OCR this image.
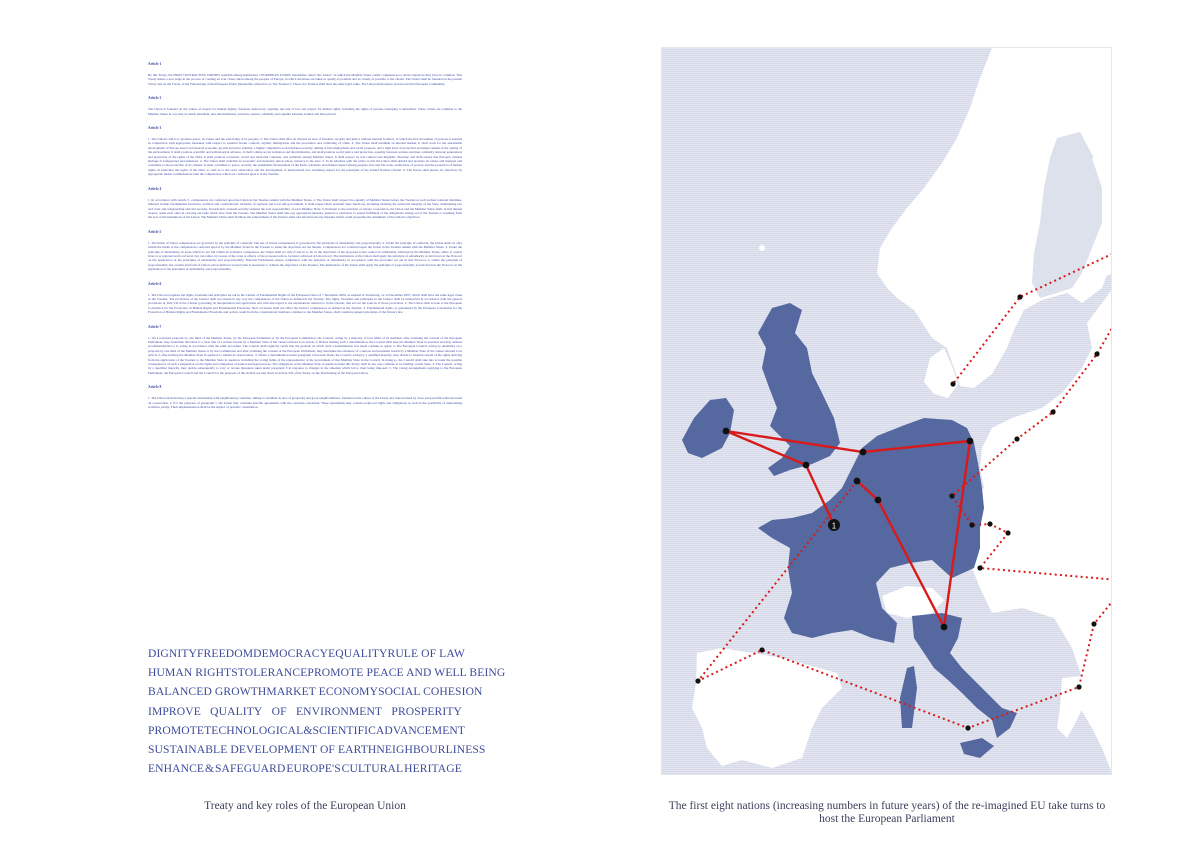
Article 1

By this Treaty, the HIGH CONTRACTING PARTIES establish among themselves a EUROPEAN UNION, hereinafter called "the Union" on which the Member States confer competences to attain objectives they have in common. This Treaty marks a new stage in the process of creating an ever closer union among the peoples of Europe, in which decisions are taken as openly as possible and as closely as possible to the citizen. The Union shall be founded on the present Treaty and on the Treaty on the Functioning of the European Union (hereinafter referred to as "the Treaties"). Those two Treaties shall have the same legal value. The Union shall replace and succeed the European Community.

Article 2

The Union is founded on the values of respect for human dignity, freedom, democracy, equality, the rule of law and respect for human rights, including the rights of persons belonging to minorities. These values are common to the Member States in a society in which pluralism, non-discrimination, tolerance, justice, solidarity and equality between women and men prevail.

Article 3

1. The Union's aim is to promote peace, its values and the well-being of its peoples. 2. The Union shall offer its citizens an area of freedom, security and justice without internal frontiers, in which the free movement of persons is ensured in conjunction with appropriate measures with respect to external border controls, asylum, immigration and the prevention and combating of crime. 3. The Union shall establish an internal market. It shall work for the sustainable development of Europe based on balanced economic growth and price stability, a highly competitive social market economy, aiming at full employment and social progress, and a high level of protection and improvement of the quality of the environment. It shall promote scientific and technological advance. It shall combat social exclusion and discrimination, and shall promote social justice and protection, equality between women and men, solidarity between generations and protection of the rights of the child. It shall promote economic, social and territorial cohesion, and solidarity among Member States. It shall respect its rich cultural and linguistic diversity, and shall ensure that Europe's cultural heritage is safeguarded and enhanced. 4. The Union shall establish an economic and monetary union whose currency is the euro. 5. In its relations with the wider world, the Union shall uphold and promote its values and interests and contribute to the protection of its citizens. It shall contribute to peace, security, the sustainable development of the Earth, solidarity and mutual respect among peoples, free and fair trade, eradication of poverty and the protection of human rights, in particular the rights of the child, as well as to the strict observance and the development of international law, including respect for the principles of the United Nations Charter. 6. The Union shall pursue its objectives by appropriate means commensurate with the competences which are conferred upon it in the Treaties.

Article 4

1. In accordance with Article 5, competences not conferred upon the Union in the Treaties remain with the Member States. 2. The Union shall respect the equality of Member States before the Treaties as well as their national identities, inherent in their fundamental structures, political and constitutional, inclusive of regional and local self-government. It shall respect their essential State functions, including ensuring the territorial integrity of the State, maintaining law and order and safeguarding national security. In particular, national security remains the sole responsibility of each Member State. 3. Pursuant to the principle of sincere cooperation, the Union and the Member States shall, in full mutual respect, assist each other in carrying out tasks which flow from the Treaties. The Member States shall take any appropriate measure, general or particular, to ensure fulfilment of the obligations arising out of the Treaties or resulting from the acts of the institutions of the Union. The Member States shall facilitate the achievement of the Union's tasks and refrain from any measure which could jeopardise the attainment of the Union's objectives.

Article 5

1. The limits of Union competences are governed by the principle of conferral. The use of Union competences is governed by the principles of subsidiarity and proportionality. 2. Under the principle of conferral, the Union shall act only within the limits of the competences conferred upon it by the Member States in the Treaties to attain the objectives set out therein. Competences not conferred upon the Union in the Treaties remain with the Member States. 3. Under the principle of subsidiarity, in areas which do not fall within its exclusive competence, the Union shall act only if and in so far as the objectives of the proposed action cannot be sufficiently achieved by the Member States, either at central level or at regional and local level, but can rather, by reason of the scale or effects of the proposed action, be better achieved at Union level. The institutions of the Union shall apply the principle of subsidiarity as laid down in the Protocol on the application of the principles of subsidiarity and proportionality. National Parliaments ensure compliance with the principle of subsidiarity in accordance with the procedure set out in that Protocol. 4. Under the principle of proportionality, the content and form of Union action shall not exceed what is necessary to achieve the objectives of the Treaties. The institutions of the Union shall apply the principle of proportionality as laid down in the Protocol on the application of the principles of subsidiarity and proportionality.

Article 6

1. The Union recognises the rights, freedoms and principles set out in the Charter of Fundamental Rights of the European Union of 7 December 2000, as adapted at Strasbourg, on 12 December 2007, which shall have the same legal value as the Treaties. The provisions of the Charter shall not extend in any way the competences of the Union as defined in the Treaties. The rights, freedoms and principles in the Charter shall be interpreted in accordance with the general provisions in Title VII of the Charter governing its interpretation and application and with due regard to the explanations referred to in the Charter, that set out the sources of those provisions. 2. The Union shall accede to the European Convention for the Protection of Human Rights and Fundamental Freedoms. Such accession shall not affect the Union's competences as defined in the Treaties. 3. Fundamental rights, as guaranteed by the European Convention for the Protection of Human Rights and Fundamental Freedoms and as they result from the constitutional traditions common to the Member States, shall constitute general principles of the Union's law.

Article 7

1. On a reasoned proposal by one third of the Member States, by the European Parliament or by the European Commission, the Council, acting by a majority of four fifths of its members after obtaining the consent of the European Parliament, may determine that there is a clear risk of a serious breach by a Member State of the values referred to in Article 2. Before making such a determination, the Council shall hear the Member State in question and may address recommendations to it, acting in accordance with the same procedure. The Council shall regularly verify that the grounds on which such a determination was made continue to apply. 2. The European Council, acting by unanimity on a proposal by one third of the Member States or by the Commission and after obtaining the consent of the European Parliament, may determine the existence of a serious and persistent breach by a Member State of the values referred to in Article 2, after inviting the Member State in question to submit its observations. 3. Where a determination under paragraph 2 has been made, the Council, acting by a qualified majority, may decide to suspend certain of the rights deriving from the application of the Treaties to the Member State in question, including the voting rights of the representative of the government of that Member State in the Council. In doing so, the Council shall take into account the possible consequences of such a suspension on the rights and obligations of natural and legal persons. The obligations of the Member State in question under this Treaty shall in any case continue to be binding on that State. 4. The Council, acting by a qualified majority, may decide subsequently to vary or revoke measures taken under paragraph 3 in response to changes in the situation which led to their being imposed. 5. The voting arrangements applying to the European Parliament, the European Council and the Council for the purposes of this Article are laid down in Article 354 of the Treaty on the Functioning of the European Union.

Article 8

1. The Union shall develop a special relationship with neighbouring countries, aiming to establish an area of prosperity and good neighbourliness, founded on the values of the Union and characterised by close and peaceful relations based on cooperation. 2. For the purposes of paragraph 1, the Union may conclude specific agreements with the countries concerned. These agreements may contain reciprocal rights and obligations as well as the possibility of undertaking activities jointly. Their implementation shall be the subject of periodic consultation.

DIGNITY FREEDOM DEMOCRACY EQUALITY RULE OF LAW
HUMAN RIGHTS TOLERANCE PROMOTE PEACE AND WELL BEING
BALANCED GROWTH MARKET ECONOMY SOCIAL COHESION
IMPROVE QUALITY OF ENVIRONMENT PROSPERITY
PROMOTE TECHNOLOGICAL & SCIENTIFIC ADVANCEMENT
SUSTAINABLE DEVELOPMENT OF EARTH NEIGHBOURLINESS
ENHANCE & SAFEGUARD EUROPE'S CULTURAL HERITAGE
Treaty and key roles of the European Union
1
The first eight nations (increasing numbers in future years) of the re-imagined EU take turns to host the European Parliament
